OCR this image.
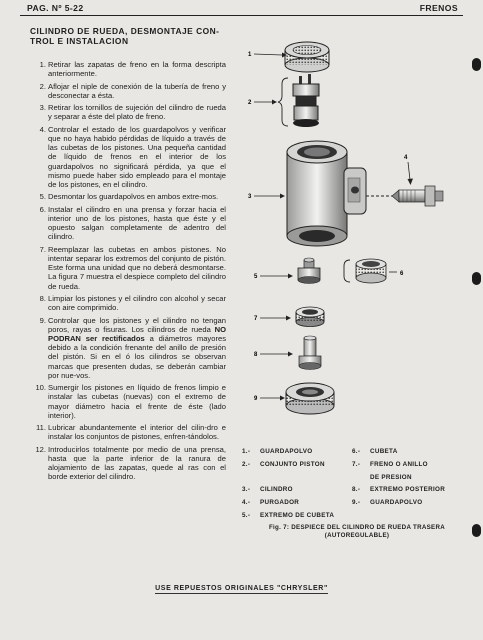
PAG. Nº 5-22	FRENOS
CILINDRO DE RUEDA, DESMONTAJE CON-TROL E INSTALACION
1. Retirar las zapatas de freno en la forma descripta anteriormente.
2. Aflojar el niple de conexión de la tubería de freno y desconectar a ésta.
3. Retirar los tornillos de sujeción del cilindro de rueda y separar a éste del plato de freno.
4. Controlar el estado de los guardapolvos y verificar que no haya habido pérdidas de líquido a través de las cubetas de los pistones. Una pequeña cantidad de líquido de frenos en el interior de los guardapolvos no significará pérdida, ya que el mismo puede haber sido empleado para el montaje de los pistones, en el cilindro.
5. Desmontar los guardapolvos en ambos extre-mos.
6. Instalar el cilindro en una prensa y forzar hacia el interior uno de los pistones, hasta que éste y el opuesto salgan completamente de adentro del cilindro.
7. Reemplazar las cubetas en ambos pistones. No intentar separar los extremos del conjunto de pistón. Este forma una unidad que no deberá desmontarse. La figura 7 muestra el despiece completo del cilindro de rueda.
8. Limpiar los pistones y el cilindro con alcohol y secar con aire comprimido.
9. Controlar que los pistones y el cilindro no tengan poros, rayas o fisuras. Los cilindros de rueda NO PODRAN ser rectificados a diámetros mayores debido a la condición frenante del anillo de presión del pistón. Si en el ó los cilindros se observan marcas que presenten dudas, se deberán cambiar por nue-vos.
10. Sumergir los pistones en líquido de frenos limpio e instalar las cubetas (nuevas) con el extremo de mayor diámetro hacia el frente de éste (lado interior).
11. Lubricar abundantemente el interior del cilin-dro e instalar los conjuntos de pistones, enfren-tándolos.
12. Introducirlos totalmente por medio de una prensa, hasta que la parte inferior de la ranura de alojamiento de las zapatas, quede al ras con el borde exterior del cilindro.
1
2
3
4
5	6
7
8
9
1.- GUARDAPOLVO	6.- CUBETA
2.- CONJUNTO PISTON	7.- FRENO O ANILLO
DE PRESION
3.- CILINDRO	8.- EXTREMO POSTERIOR
4.- PURGADOR	9.- GUARDAPOLVO
5.- EXTREMO DE CUBETA
Fig. 7: DESPIECE DEL CILINDRO DE RUEDA TRASERA (AUTOREGULABLE)
USE REPUESTOS ORIGINALES "CHRYSLER"
